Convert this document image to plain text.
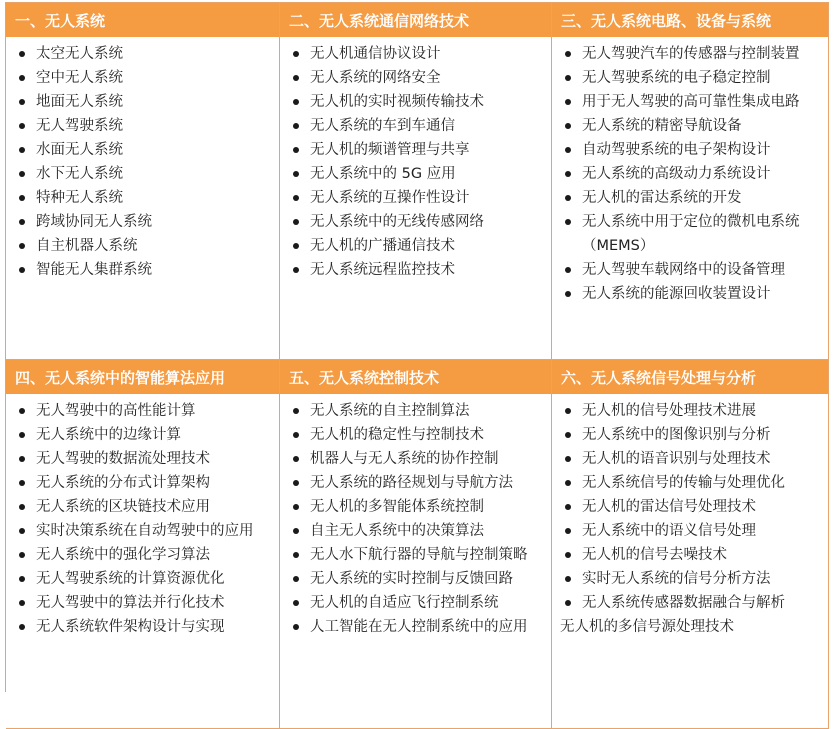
一、无人系统
太空无人系统
空中无人系统
地面无人系统
无人驾驶系统
水面无人系统
水下无人系统
特种无人系统
跨域协同无人系统
自主机器人系统
智能无人集群系统
二、无人系统通信网络技术
无人机通信协议设计
无人系统的网络安全
无人机的实时视频传输技术
无人系统的车到车通信
无人机的频谱管理与共享
无人系统中的 5G 应用
无人系统的互操作性设计
无人系统中的无线传感网络
无人机的广播通信技术
无人系统远程监控技术
三、无人系统电路、设备与系统
无人驾驶汽车的传感器与控制装置
无人驾驶系统的电子稳定控制
用于无人驾驶的高可靠性集成电路
无人系统的精密导航设备
自动驾驶系统的电子架构设计
无人系统的高级动力系统设计
无人机的雷达系统的开发
无人系统中用于定位的微机电系统（MEMS）
无人驾驶车载网络中的设备管理
无人系统的能源回收装置设计
四、无人系统中的智能算法应用
无人驾驶中的高性能计算
无人系统中的边缘计算
无人驾驶的数据流处理技术
无人系统的分布式计算架构
无人系统的区块链技术应用
实时决策系统在自动驾驶中的应用
无人系统中的强化学习算法
无人驾驶系统的计算资源优化
无人驾驶中的算法并行化技术
无人系统软件架构设计与实现
五、无人系统控制技术
无人系统的自主控制算法
无人机的稳定性与控制技术
机器人与无人系统的协作控制
无人系统的路径规划与导航方法
无人机的多智能体系统控制
自主无人系统中的决策算法
无人水下航行器的导航与控制策略
无人系统的实时控制与反馈回路
无人机的自适应飞行控制系统
人工智能在无人控制系统中的应用
六、无人系统信号处理与分析
无人机的信号处理技术进展
无人系统中的图像识别与分析
无人机的语音识别与处理技术
无人系统信号的传输与处理优化
无人机的雷达信号处理技术
无人系统中的语义信号处理
无人机的信号去噪技术
实时无人系统的信号分析方法
无人系统传感器数据融合与解析
无人机的多信号源处理技术
